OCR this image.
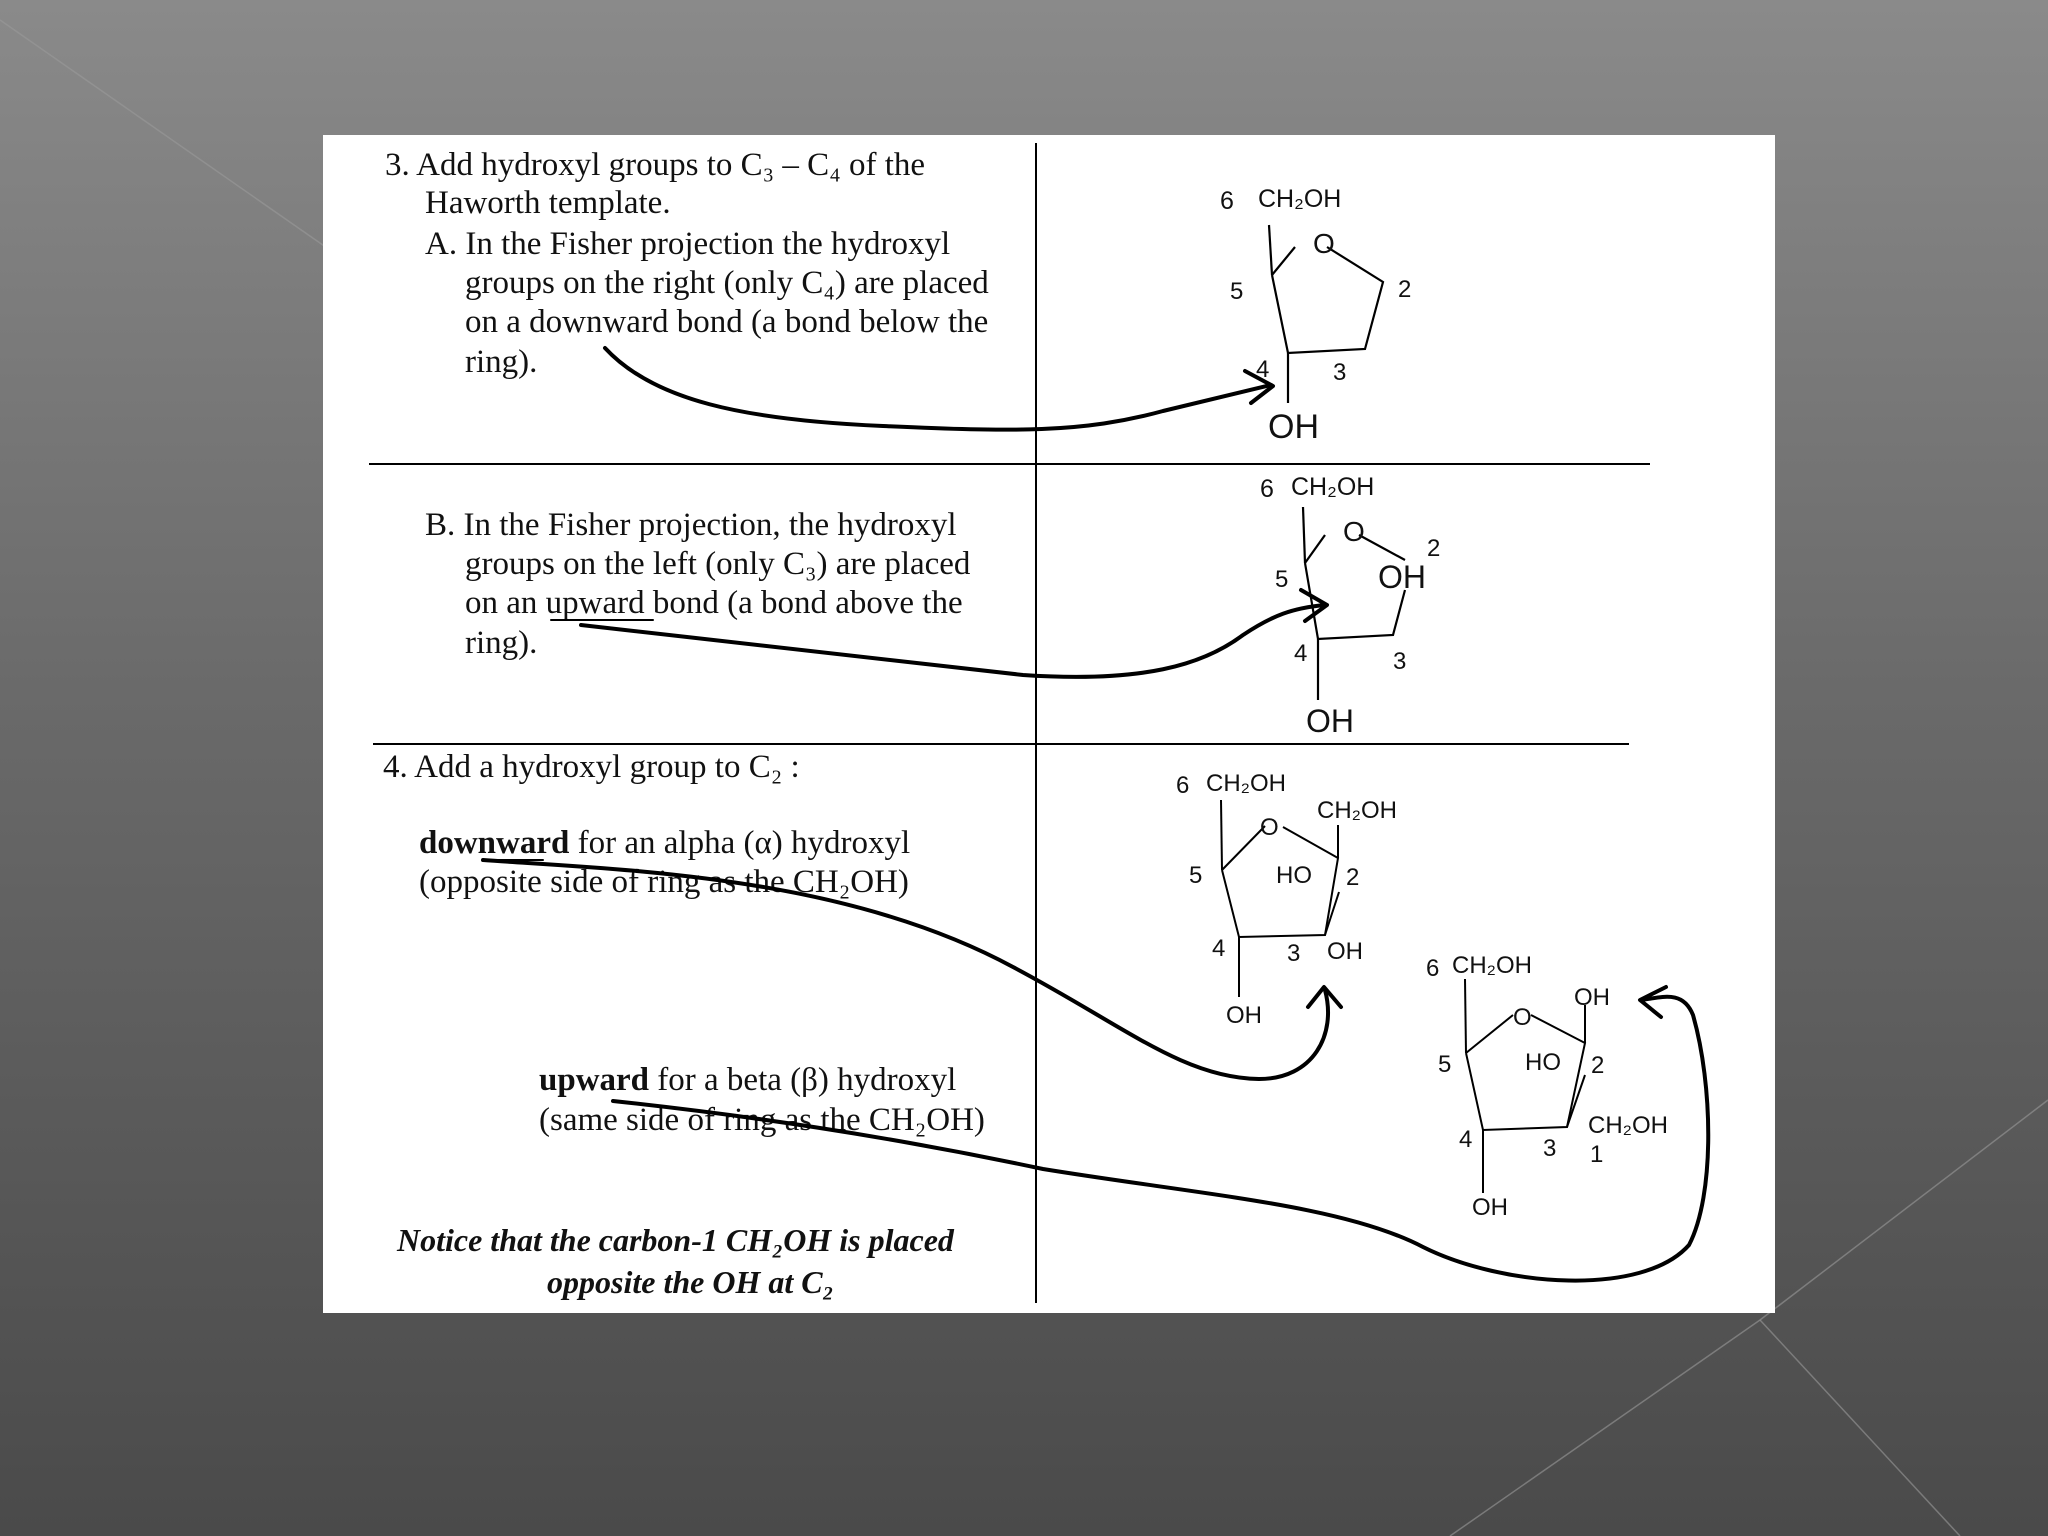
3. Add hydroxyl groups to C₃ – C₄ of the
Haworth template.
A. In the Fisher projection the hydroxyl
groups on the right (only C₄) are placed
on a downward bond (a bond below the
ring).
B. In the Fisher projection, the hydroxyl
groups on the left (only C₃) are placed
on an upward bond (a bond above the
ring).
4. Add a hydroxyl group to C₂ :
downward for an alpha (α) hydroxyl
(opposite side of ring as the CH₂OH)
upward for a beta (β) hydroxyl
(same side of ring as the CH₂OH)
Notice that the carbon-1 CH₂OH is placed
opposite the OH at C₂
6 CH₂OH
O
5	2
4	3
OH
6 CH₂OH
O
5
2
OH
4	3
OH
6 CH₂OH
O
CH₂OH
5	HO 2
4	3 OH
OH
6 CH₂OH
O
OH
5	HO 2
4	3
CH₂OH
1
OH
